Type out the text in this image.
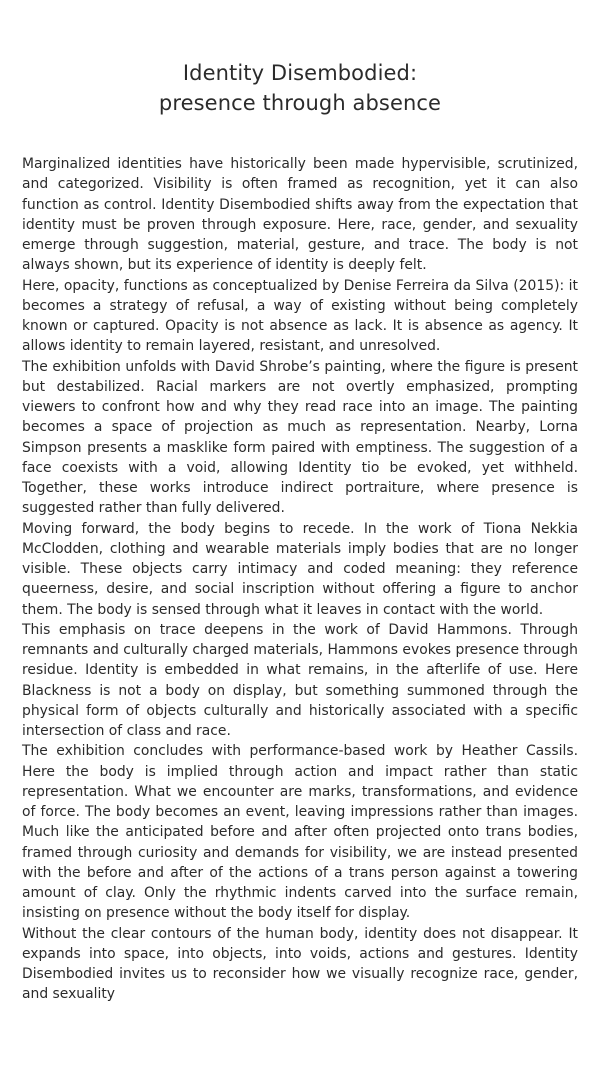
Identity Disembodied:
presence through absence

Marginalized identities have historically been made hypervisible, scrutinized, and categorized. Visibility is often framed as recognition, yet it can also function as control. Identity Disembodied shifts away from the expectation that identity must be proven through exposure. Here, race, gender, and sexuality emerge through suggestion, material, gesture, and trace. The body is not always shown, but its experience of identity is deeply felt.

Here, opacity, functions as conceptualized by Denise Ferreira da Silva (2015): it becomes a strategy of refusal, a way of existing without being completely known or captured. Opacity is not absence as lack. It is absence as agency. It allows identity to remain layered, resistant, and unresolved.

The exhibition unfolds with David Shrobe’s painting, where the figure is present but destabilized. Racial markers are not overtly emphasized, prompting viewers to confront how and why they read race into an image. The painting becomes a space of projection as much as representation. Nearby, Lorna Simpson presents a masklike form paired with emptiness. The suggestion of a face coexists with a void, allowing Identity tio be evoked, yet withheld. Together, these works introduce indirect portraiture, where presence is suggested rather than fully delivered.

Moving forward, the body begins to recede. In the work of Tiona Nekkia McClodden, clothing and wearable materials imply bodies that are no longer visible. These objects carry intimacy and coded meaning: they reference queerness, desire, and social inscription without offering a figure to anchor them. The body is sensed through what it leaves in contact with the world.

This emphasis on trace deepens in the work of David Hammons. Through remnants and culturally charged materials, Hammons evokes presence through residue. Identity is embedded in what remains, in the afterlife of use. Here Blackness is not a body on display, but something summoned through the physical form of objects culturally and historically associated with a specific intersection of class and race.

The exhibition concludes with performance-based work by Heather Cassils. Here the body is implied through action and impact rather than static representation. What we encounter are marks, transformations, and evidence of force. The body becomes an event, leaving impressions rather than images. Much like the anticipated before and after often projected onto trans bodies, framed through curiosity and demands for visibility, we are instead presented with the before and after of the actions of a trans person against a towering amount of clay. Only the rhythmic indents carved into the surface remain, insisting on presence without the body itself for display.

Without the clear contours of the human body, identity does not disappear. It expands into space, into objects, into voids, actions and gestures. Identity Disembodied invites us to reconsider how we visually recognize race, gender, and sexuality
